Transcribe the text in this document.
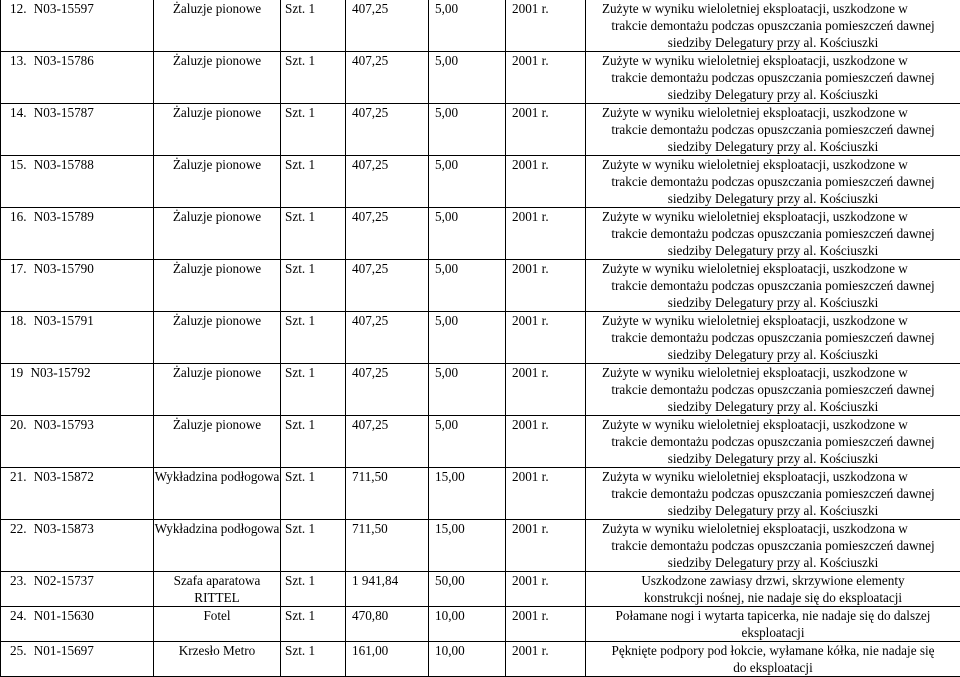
12. N03-15597	Żaluzje pionowe	Szt. 1	407,25	5,00	2001 r.	Zużyte w wyniku wieloletniej eksploatacji, uszkodzone w
trakcie demontażu podczas opuszczania pomieszczeń dawnej
siedziby Delegatury przy al. Kościuszki

13. N03-15786	Żaluzje pionowe	Szt. 1	407,25	5,00	2001 r.	Zużyte w wyniku wieloletniej eksploatacji, uszkodzone w
trakcie demontażu podczas opuszczania pomieszczeń dawnej
siedziby Delegatury przy al. Kościuszki

14. N03-15787	Żaluzje pionowe	Szt. 1	407,25	5,00	2001 r.	Zużyte w wyniku wieloletniej eksploatacji, uszkodzone w
trakcie demontażu podczas opuszczania pomieszczeń dawnej
siedziby Delegatury przy al. Kościuszki

15. N03-15788	Żaluzje pionowe	Szt. 1	407,25	5,00	2001 r.	Zużyte w wyniku wieloletniej eksploatacji, uszkodzone w
trakcie demontażu podczas opuszczania pomieszczeń dawnej
siedziby Delegatury przy al. Kościuszki

16. N03-15789	Żaluzje pionowe	Szt. 1	407,25	5,00	2001 r.	Zużyte w wyniku wieloletniej eksploatacji, uszkodzone w
trakcie demontażu podczas opuszczania pomieszczeń dawnej
siedziby Delegatury przy al. Kościuszki

17. N03-15790	Żaluzje pionowe	Szt. 1	407,25	5,00	2001 r.	Zużyte w wyniku wieloletniej eksploatacji, uszkodzone w
trakcie demontażu podczas opuszczania pomieszczeń dawnej
siedziby Delegatury przy al. Kościuszki

18. N03-15791	Żaluzje pionowe	Szt. 1	407,25	5,00	2001 r.	Zużyte w wyniku wieloletniej eksploatacji, uszkodzone w
trakcie demontażu podczas opuszczania pomieszczeń dawnej
siedziby Delegatury przy al. Kościuszki

19 N03-15792	Żaluzje pionowe	Szt. 1	407,25	5,00	2001 r.	Zużyte w wyniku wieloletniej eksploatacji, uszkodzone w
trakcie demontażu podczas opuszczania pomieszczeń dawnej
siedziby Delegatury przy al. Kościuszki

20. N03-15793	Żaluzje pionowe	Szt. 1	407,25	5,00	2001 r.	Zużyte w wyniku wieloletniej eksploatacji, uszkodzone w
trakcie demontażu podczas opuszczania pomieszczeń dawnej
siedziby Delegatury przy al. Kościuszki

21. N03-15872	Wykładzina podłogowa	Szt. 1	711,50	15,00	2001 r.	Zużyta w wyniku wieloletniej eksploatacji, uszkodzona w
trakcie demontażu podczas opuszczania pomieszczeń dawnej
siedziby Delegatury przy al. Kościuszki

22. N03-15873	Wykładzina podłogowa	Szt. 1	711,50	15,00	2001 r.	Zużyta w wyniku wieloletniej eksploatacji, uszkodzona w
trakcie demontażu podczas opuszczania pomieszczeń dawnej
siedziby Delegatury przy al. Kościuszki

23. N02-15737	Szafa aparatowa RITTEL	Szt. 1	1 941,84	50,00	2001 r.	Uszkodzone zawiasy drzwi, skrzywione elementy
konstrukcji nośnej, nie nadaje się do eksploatacji

24. N01-15630	Fotel	Szt. 1	470,80	10,00	2001 r.	Połamane nogi i wytarta tapicerka, nie nadaje się do dalszej
eksploatacji

25. N01-15697	Krzesło Metro	Szt. 1	161,00	10,00	2001 r.	Pęknięte podpory pod łokcie, wyłamane kółka, nie nadaje się
do eksploatacji
